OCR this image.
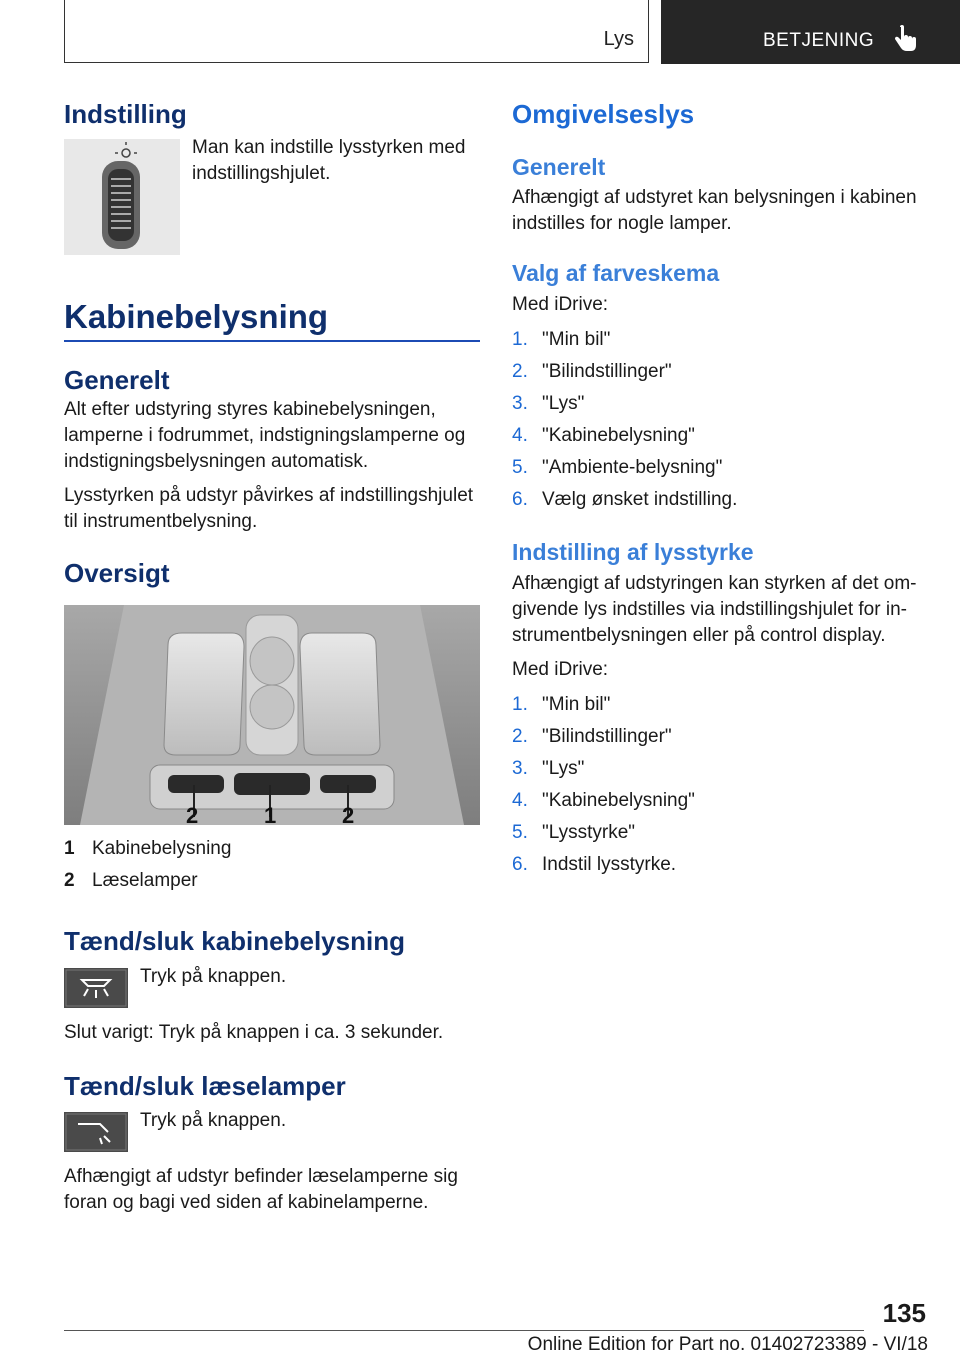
Lys	BETJENING
Indstilling

Man kan indstille lysstyrken med indstillingshjulet.

Kabinebelysning
Generelt

Alt efter udstyring styres kabinebelysningen, lamperne i fodrummet, indstigningslamperne og indstigningsbelysningen automatisk.

Lysstyrken på udstyr påvirkes af indstillingshjulet til instrumentbelysning.

Oversigt
2	1	2
1 Kabinebelysning
2 Læselamper
Tænd/sluk kabinebelysning

Tryk på knappen.

Slut varigt: Tryk på knappen i ca. 3 sekunder.

Tænd/sluk læselamper

Tryk på knappen.

Afhængigt af udstyr befinder læselamperne sig foran og bagi ved siden af kabinelamperne.

Omgivelseslys
Generelt

Afhængigt af udstyret kan belysningen i kabinen indstilles for nogle lamper.

Valg af farveskema

Med iDrive:

1. "Min bil"
2. "Bilindstillinger"
3. "Lys"
4. "Kabinebelysning"
5. "Ambiente-belysning"
6. Vælg ønsket indstilling.
Indstilling af lysstyrke

Afhængigt af udstyringen kan styrken af det omgivende lys indstilles via indstillingshjulet for instrumentbelysningen eller på control display.

Med iDrive:

1. "Min bil"
2. "Bilindstillinger"
3. "Lys"
4. "Kabinebelysning"
5. "Lysstyrke"
6. Indstil lysstyrke.
135
Online Edition for Part no. 01402723389 - VI/18
